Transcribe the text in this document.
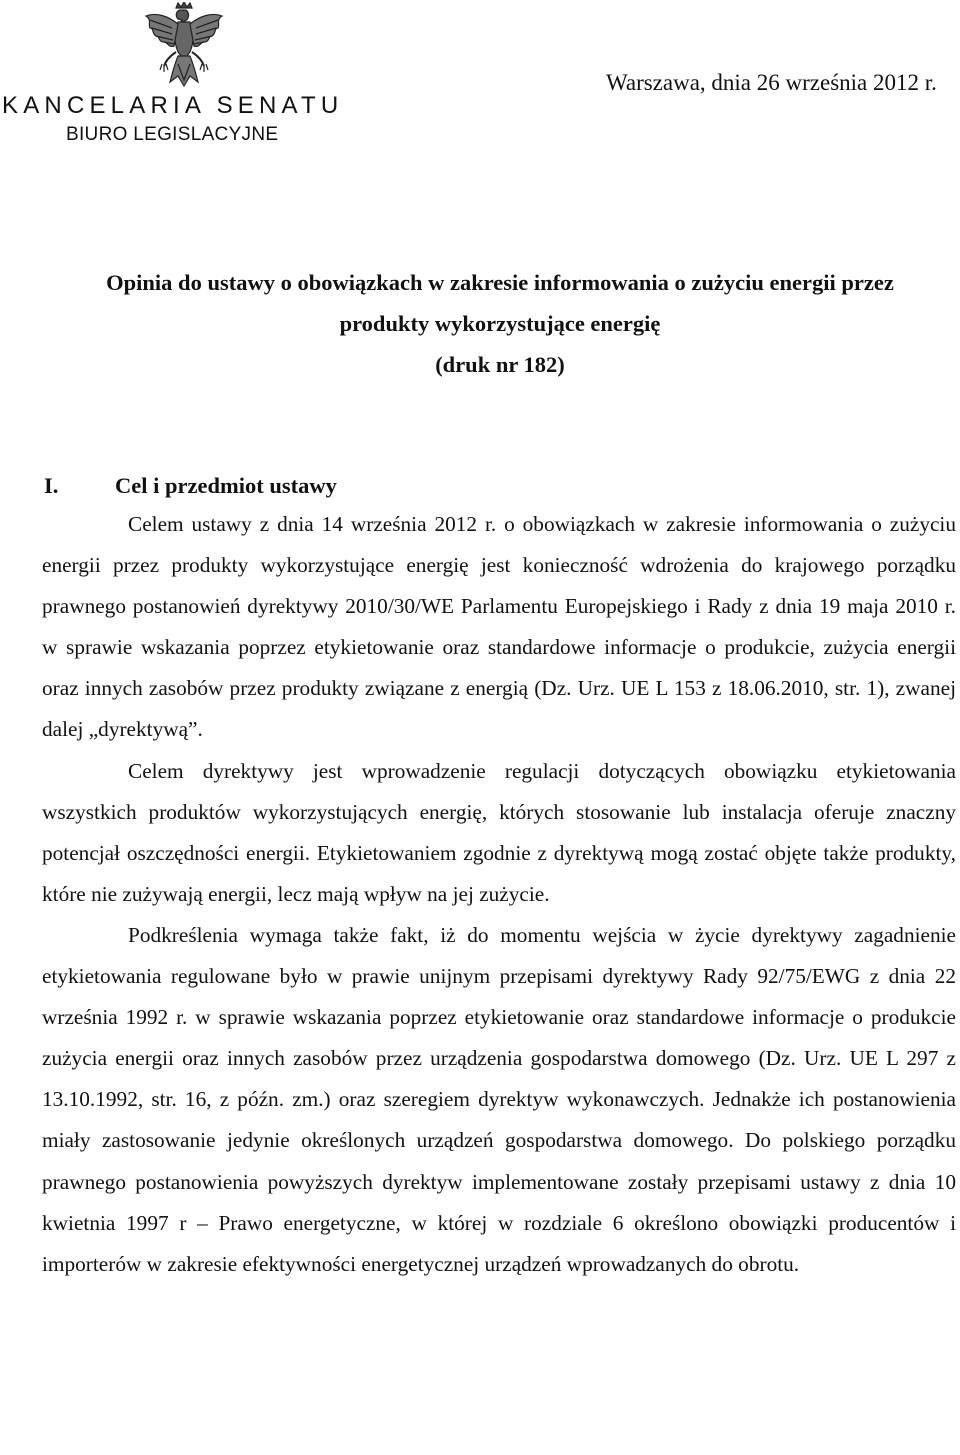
KANCELARIA SENATU
BIURO LEGISLACYJNE
Warszawa, dnia 26 września 2012 r.
Opinia do ustawy o obowiązkach w zakresie informowania o zużyciu energii przez
produkty wykorzystujące energię
(druk nr 182)
I.	Cel i przedmiot ustawy

Celem ustawy z dnia 14 września 2012 r. o obowiązkach w zakresie informowania o zużyciu energii przez produkty wykorzystujące energię jest konieczność wdrożenia do krajowego porządku prawnego postanowień dyrektywy 2010/30/WE Parlamentu Europejskiego i Rady z dnia 19 maja 2010 r. w sprawie wskazania poprzez etykietowanie oraz standardowe informacje o produkcie, zużycia energii oraz innych zasobów przez produkty związane z energią (Dz. Urz. UE L 153 z 18.06.2010, str. 1), zwanej dalej „dyrektywą”.

Celem dyrektywy jest wprowadzenie regulacji dotyczących obowiązku etykietowania wszystkich produktów wykorzystujących energię, których stosowanie lub instalacja oferuje znaczny potencjał oszczędności energii. Etykietowaniem zgodnie z dyrektywą mogą zostać objęte także produkty, które nie zużywają energii, lecz mają wpływ na jej zużycie.

Podkreślenia wymaga także fakt, iż do momentu wejścia w życie dyrektywy zagadnienie etykietowania regulowane było w prawie unijnym przepisami dyrektywy Rady 92/75/EWG z dnia 22 września 1992 r. w sprawie wskazania poprzez etykietowanie oraz standardowe informacje o produkcie zużycia energii oraz innych zasobów przez urządzenia gospodarstwa domowego (Dz. Urz. UE L 297 z 13.10.1992, str. 16, z późn. zm.) oraz szeregiem dyrektyw wykonawczych. Jednakże ich postanowienia miały zastosowanie jedynie określonych urządzeń gospodarstwa domowego. Do polskiego porządku prawnego postanowienia powyższych dyrektyw implementowane zostały przepisami ustawy z dnia 10 kwietnia 1997 r – Prawo energetyczne, w której w rozdziale 6 określono obowiązki producentów i importerów w zakresie efektywności energetycznej urządzeń wprowadzanych do obrotu.
